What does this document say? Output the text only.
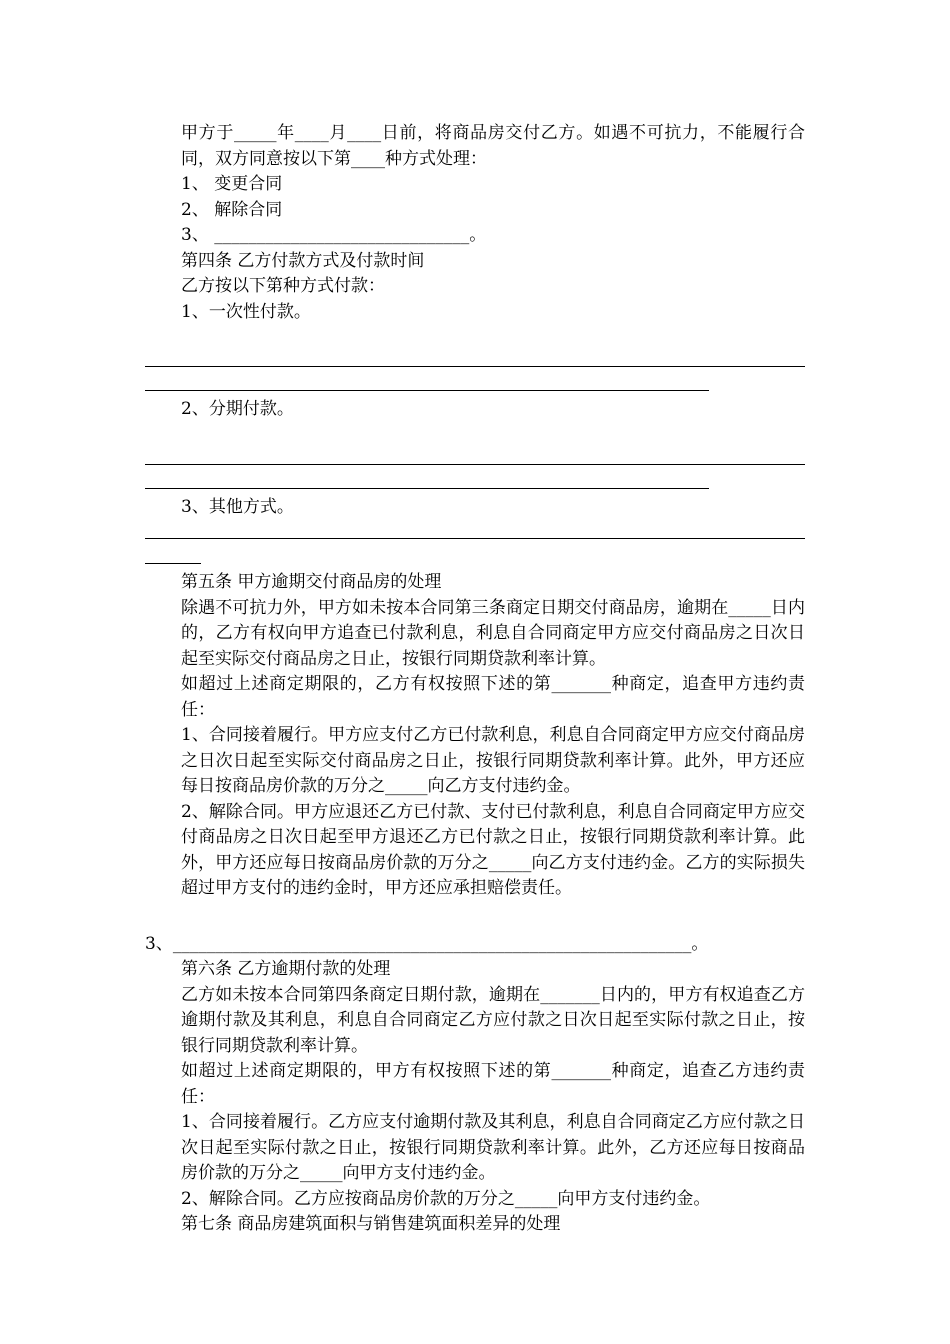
甲方于_____年____月____日前，将商品房交付乙方。如遇不可抗力，不能履行合同，双方同意按以下第____种方式处理：

1、 变更合同

2、 解除合同

3、 ______________________________。

第四条 乙方付款方式及付款时间

乙方按以下第种方式付款：

1、一次性付款。

2、分期付款。

3、其他方式。

第五条 甲方逾期交付商品房的处理

除遇不可抗力外，甲方如未按本合同第三条商定日期交付商品房，逾期在_____日内的，乙方有权向甲方追查已付款利息，利息自合同商定甲方应交付商品房之日次日起至实际交付商品房之日止，按银行同期贷款利率计算。

如超过上述商定期限的，乙方有权按照下述的第_______种商定，追查甲方违约责任：

1、合同接着履行。甲方应支付乙方已付款利息，利息自合同商定甲方应交付商品房之日次日起至实际交付商品房之日止，按银行同期贷款利率计算。此外，甲方还应每日按商品房价款的万分之_____向乙方支付违约金。

2、解除合同。甲方应退还乙方已付款、支付已付款利息，利息自合同商定甲方应交付商品房之日次日起至甲方退还乙方已付款之日止，按银行同期贷款利率计算。此外，甲方还应每日按商品房价款的万分之_____向乙方支付违约金。乙方的实际损失超过甲方支付的违约金时，甲方还应承担赔偿责任。

3、_____________________________________________________________。

第六条 乙方逾期付款的处理

乙方如未按本合同第四条商定日期付款，逾期在_______日内的，甲方有权追查乙方逾期付款及其利息，利息自合同商定乙方应付款之日次日起至实际付款之日止，按银行同期贷款利率计算。

如超过上述商定期限的，甲方有权按照下述的第_______种商定，追查乙方违约责任：

1、合同接着履行。乙方应支付逾期付款及其利息，利息自合同商定乙方应付款之日次日起至实际付款之日止，按银行同期贷款利率计算。此外，乙方还应每日按商品房价款的万分之_____向甲方支付违约金。

2、解除合同。乙方应按商品房价款的万分之_____向甲方支付违约金。

第七条 商品房建筑面积与销售建筑面积差异的处理
